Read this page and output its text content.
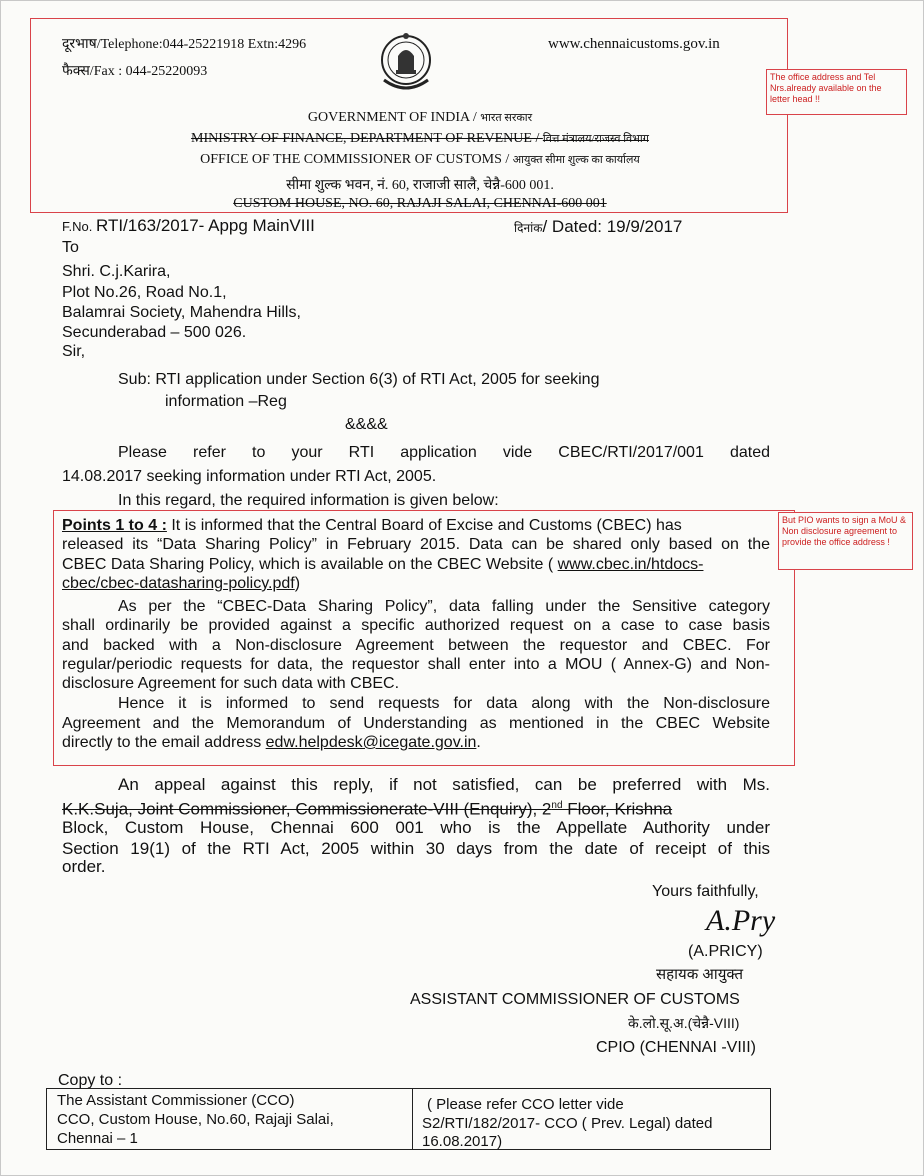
दूरभाष/Telephone:044-25221918 Extn:4296
फैक्स/Fax : 044-25220093
www.chennaicustoms.gov.in
GOVERNMENT OF INDIA / भारत सरकार
MINISTRY OF FINANCE, DEPARTMENT OF REVENUE / वित्त मंत्रालय/राजस्व विभाग
OFFICE OF THE COMMISSIONER OF CUSTOMS / आयुक्त सीमा शुल्क का कार्यालय
सीमा शुल्क भवन, नं. 60, राजाजी सालै, चेन्नै-600 001.
CUSTOM HOUSE, NO. 60, RAJAJI SALAI, CHENNAI-600 001
The office address and Tel Nrs.already available on the letter head !!
F.No. RTI/163/2017- Appg MainVIII	दिनांक/ Dated: 19/9/2017
To
Shri. C.j.Karira,
Plot No.26, Road No.1,
Balamrai Society, Mahendra Hills,
Secunderabad – 500 026.
Sir,
Sub: RTI application under Section 6(3) of RTI Act, 2005 for seeking
information –Reg
&&&&
Please refer to your RTI application vide CBEC/RTI/2017/001 dated
14.08.2017 seeking information under RTI Act, 2005.
In this regard, the required information is given below:
But PIO wants to sign a MoU & Non disclosure agreement to provide the office address !
Points 1 to 4 : It is informed that the Central Board of Excise and Customs (CBEC) has
released its “Data Sharing Policy” in February 2015. Data can be shared only based on the
CBEC Data Sharing Policy, which is available on the CBEC Website ( www.cbec.in/htdocs-
cbec/cbec-datasharing-policy.pdf)
As per the “CBEC-Data Sharing Policy”, data falling under the Sensitive category
shall ordinarily be provided against a specific authorized request on a case to case basis
and backed with a Non-disclosure Agreement between the requestor and CBEC. For
regular/periodic requests for data, the requestor shall enter into a MOU ( Annex-G) and Non-
disclosure Agreement for such data with CBEC.
Hence it is informed to send requests for data along with the Non-disclosure
Agreement and the Memorandum of Understanding as mentioned in the CBEC Website
directly to the email address edw.helpdesk@icegate.gov.in.
An appeal against this reply, if not satisfied, can be preferred with Ms.
K.K.Suja, Joint Commissioner, Commissionerate-VIII (Enquiry), 2nd Floor, Krishna
Block, Custom House, Chennai 600 001 who is the Appellate Authority under
Section 19(1) of the RTI Act, 2005 within 30 days from the date of receipt of this
order.
Yours faithfully,
A.Pry
(A.PRICY)
सहायक आयुक्त
ASSISTANT COMMISSIONER OF CUSTOMS
के.लो.सू.अ.(चेन्नै-VIII)
CPIO (CHENNAI -VIII)
Copy to :
The Assistant Commissioner (CCO)
CCO, Custom House, No.60, Rajaji Salai,
Chennai – 1
( Please refer CCO letter vide
S2/RTI/182/2017- CCO ( Prev. Legal) dated
16.08.2017)
